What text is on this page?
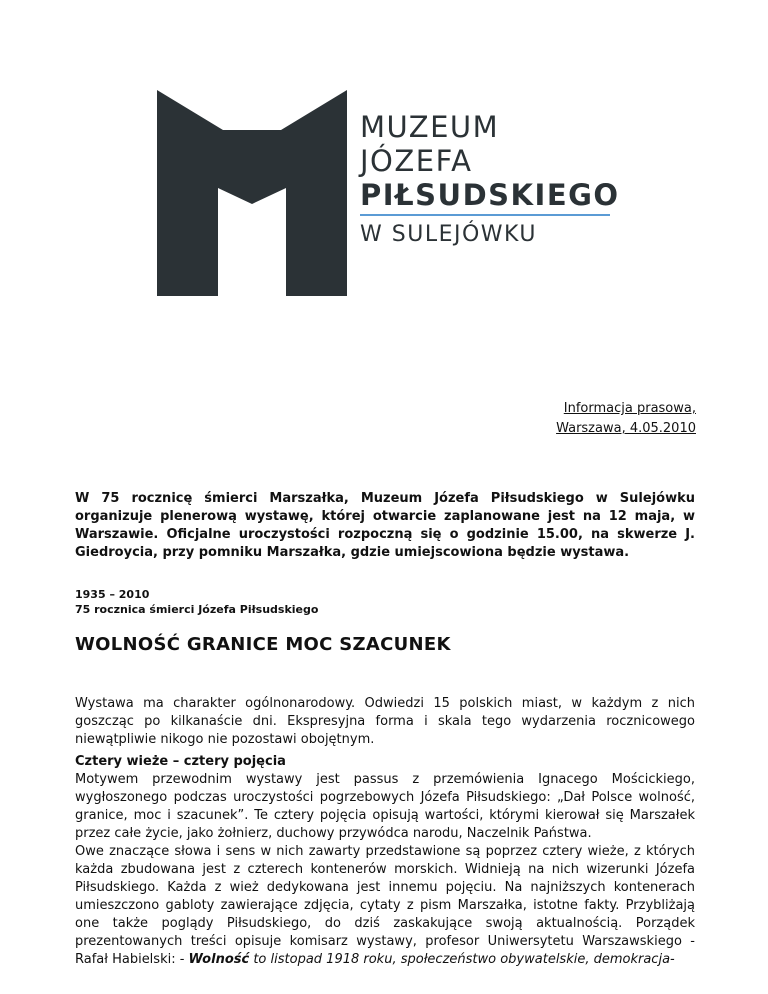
MUZEUM
JÓZEFA
PIŁSUDSKIEGO
W SULEJÓWKU
Informacja prasowa,
Warszawa, 4.05.2010
W 75 rocznicę śmierci Marszałka, Muzeum Józefa Piłsudskiego w Sulejówku organizuje plenerową wystawę, której otwarcie zaplanowane jest na 12 maja, w Warszawie. Oficjalne uroczystości rozpoczną się o godzinie 15.00, na skwerze J. Giedroycia, przy pomniku Marszałka, gdzie umiejscowiona będzie wystawa.
1935 – 2010
75 rocznica śmierci Józefa Piłsudskiego
WOLNOŚĆ GRANICE MOC SZACUNEK
Wystawa ma charakter ogólnonarodowy. Odwiedzi 15 polskich miast, w każdym z nich goszcząc po kilkanaście dni. Ekspresyjna forma i skala tego wydarzenia rocznicowego niewątpliwie nikogo nie pozostawi obojętnym.
Cztery wieże – cztery pojęcia
Motywem przewodnim wystawy jest passus z przemówienia Ignacego Mościckiego, wygłoszonego podczas uroczystości pogrzebowych Józefa Piłsudskiego: „Dał Polsce wolność, granice, moc i szacunek”. Te cztery pojęcia opisują wartości, którymi kierował się Marszałek przez całe życie, jako żołnierz, duchowy przywódca narodu, Naczelnik Państwa.
Owe znaczące słowa i sens w nich zawarty przedstawione są poprzez cztery wieże, z których każda zbudowana jest z czterech kontenerów morskich. Widnieją na nich wizerunki Józefa Piłsudskiego. Każda z wież dedykowana jest innemu pojęciu. Na najniższych kontenerach umieszczono gabloty zawierające zdjęcia, cytaty z pism Marszałka, istotne fakty. Przybliżają one także poglądy Piłsudskiego, do dziś zaskakujące swoją aktualnością. Porządek prezentowanych treści opisuje komisarz wystawy, profesor Uniwersytetu Warszawskiego - Rafał Habielski: - Wolność to listopad 1918 roku, społeczeństwo obywatelskie, demokracja-
